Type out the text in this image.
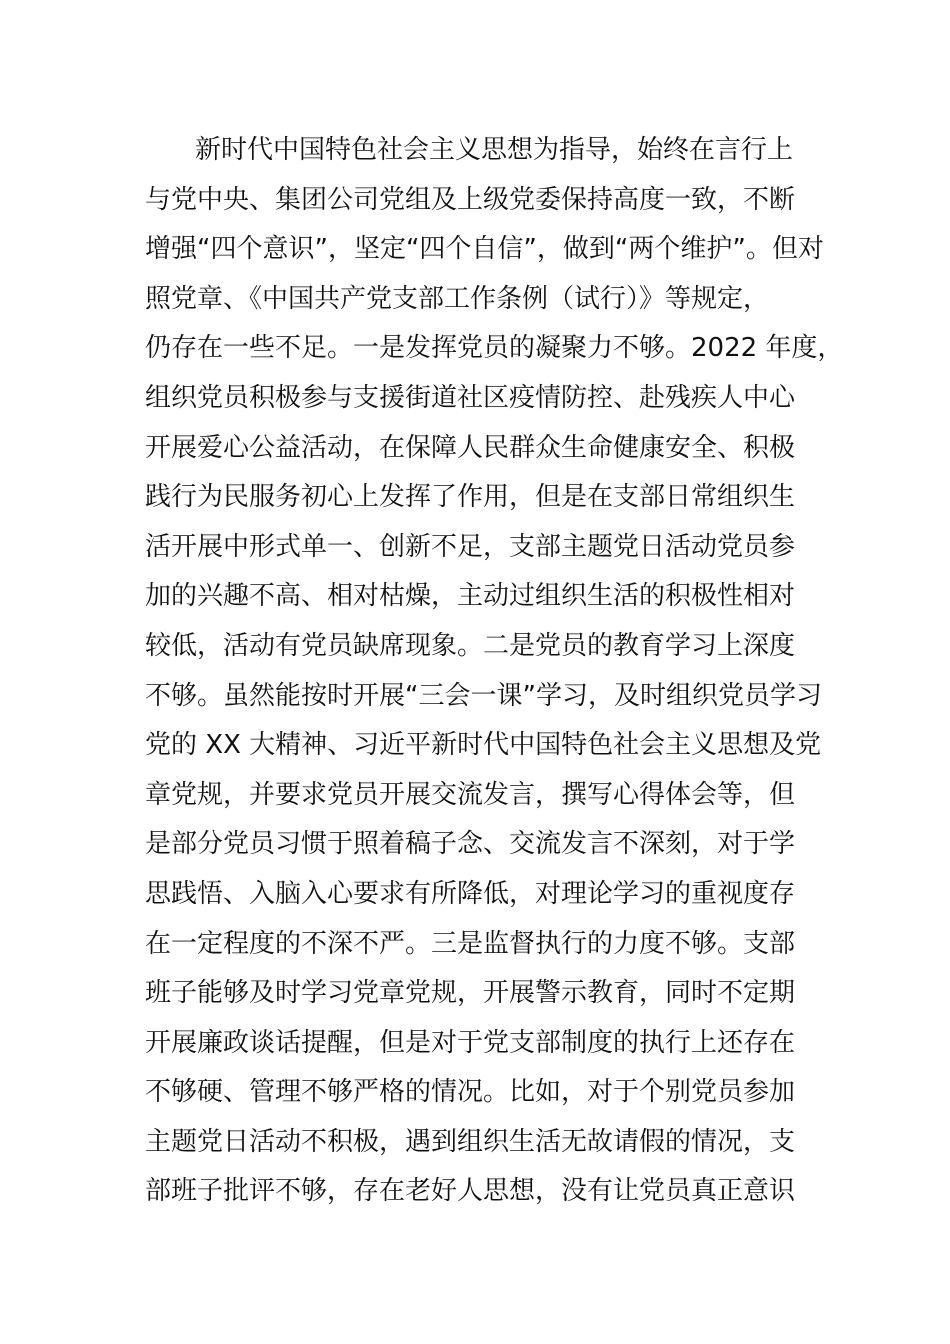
新时代中国特色社会主义思想为指导，始终在言行上
与党中央、集团公司党组及上级党委保持高度一致，不断
增强“四个意识”，坚定“四个自信”，做到“两个维护”。但对
照党章、《中国共产党支部工作条例（试行）》等规定，
仍存在一些不足。一是发挥党员的凝聚力不够。2022 年度，
组织党员积极参与支援街道社区疫情防控、赴残疾人中心
开展爱心公益活动，在保障人民群众生命健康安全、积极
践行为民服务初心上发挥了作用，但是在支部日常组织生
活开展中形式单一、创新不足，支部主题党日活动党员参
加的兴趣不高、相对枯燥，主动过组织生活的积极性相对
较低，活动有党员缺席现象。二是党员的教育学习上深度
不够。虽然能按时开展“三会一课”学习，及时组织党员学习
党的 XX 大精神、习近平新时代中国特色社会主义思想及党
章党规，并要求党员开展交流发言，撰写心得体会等，但
是部分党员习惯于照着稿子念、交流发言不深刻，对于学
思践悟、入脑入心要求有所降低，对理论学习的重视度存
在一定程度的不深不严。三是监督执行的力度不够。支部
班子能够及时学习党章党规，开展警示教育，同时不定期
开展廉政谈话提醒，但是对于党支部制度的执行上还存在
不够硬、管理不够严格的情况。比如，对于个别党员参加
主题党日活动不积极，遇到组织生活无故请假的情况，支
部班子批评不够，存在老好人思想，没有让党员真正意识
